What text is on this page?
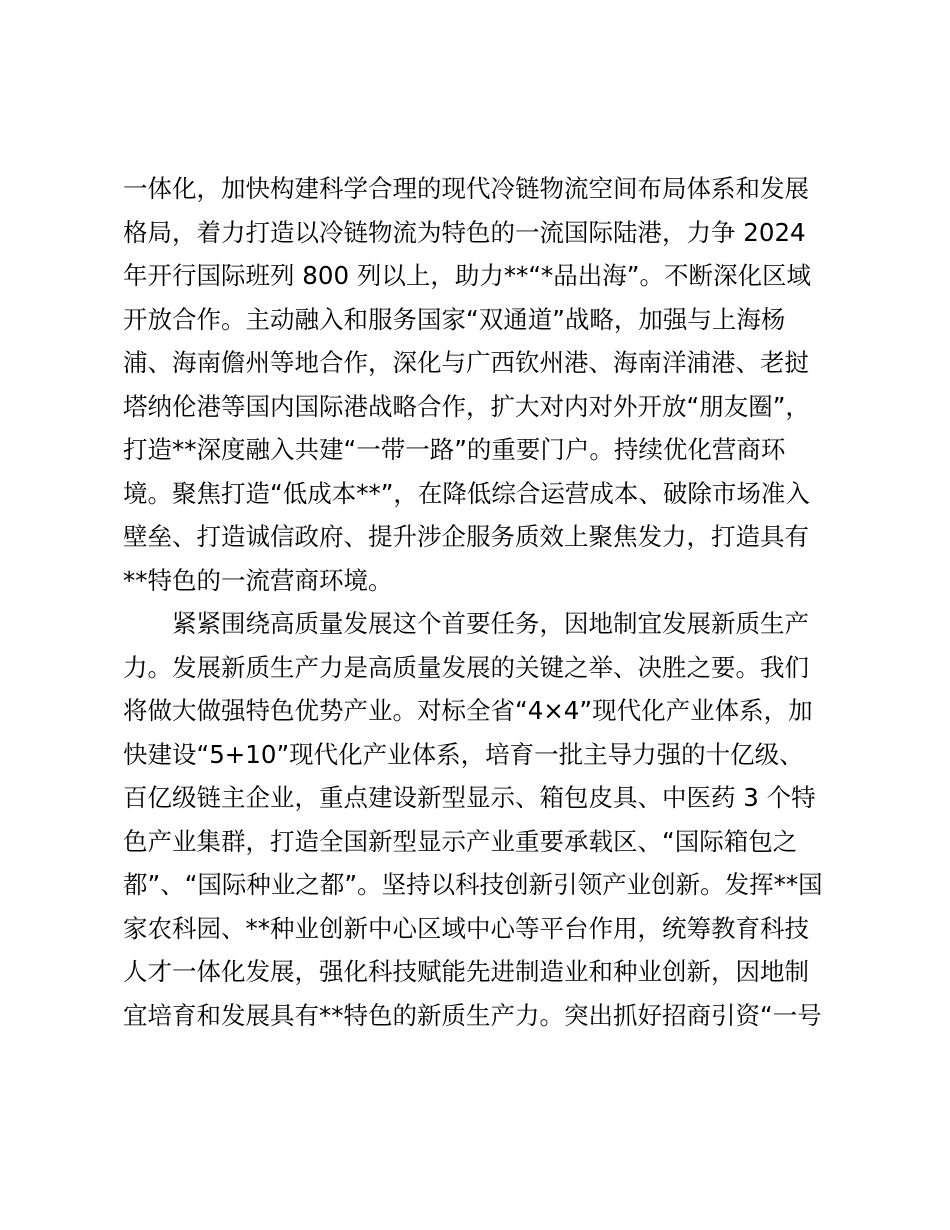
一体化，加快构建科学合理的现代冷链物流空间布局体系和发展
格局，着力打造以冷链物流为特色的一流国际陆港，力争 2024
年开行国际班列 800 列以上，助力**“*品出海”。不断深化区域
开放合作。主动融入和服务国家“双通道”战略，加强与上海杨
浦、海南儋州等地合作，深化与广西钦州港、海南洋浦港、老挝
塔纳伦港等国内国际港战略合作，扩大对内对外开放“朋友圈”，
打造**深度融入共建“一带一路”的重要门户。持续优化营商环
境。聚焦打造“低成本**”，在降低综合运营成本、破除市场准入
壁垒、打造诚信政府、提升涉企服务质效上聚焦发力，打造具有
**特色的一流营商环境。
　　紧紧围绕高质量发展这个首要任务，因地制宜发展新质生产
力。发展新质生产力是高质量发展的关键之举、决胜之要。我们
将做大做强特色优势产业。对标全省“4×4”现代化产业体系，加
快建设“5+10”现代化产业体系，培育一批主导力强的十亿级、
百亿级链主企业，重点建设新型显示、箱包皮具、中医药 3 个特
色产业集群，打造全国新型显示产业重要承载区、“国际箱包之
都”、“国际种业之都”。坚持以科技创新引领产业创新。发挥**国
家农科园、**种业创新中心区域中心等平台作用，统筹教育科技
人才一体化发展，强化科技赋能先进制造业和种业创新，因地制
宜培育和发展具有**特色的新质生产力。突出抓好招商引资“一号
